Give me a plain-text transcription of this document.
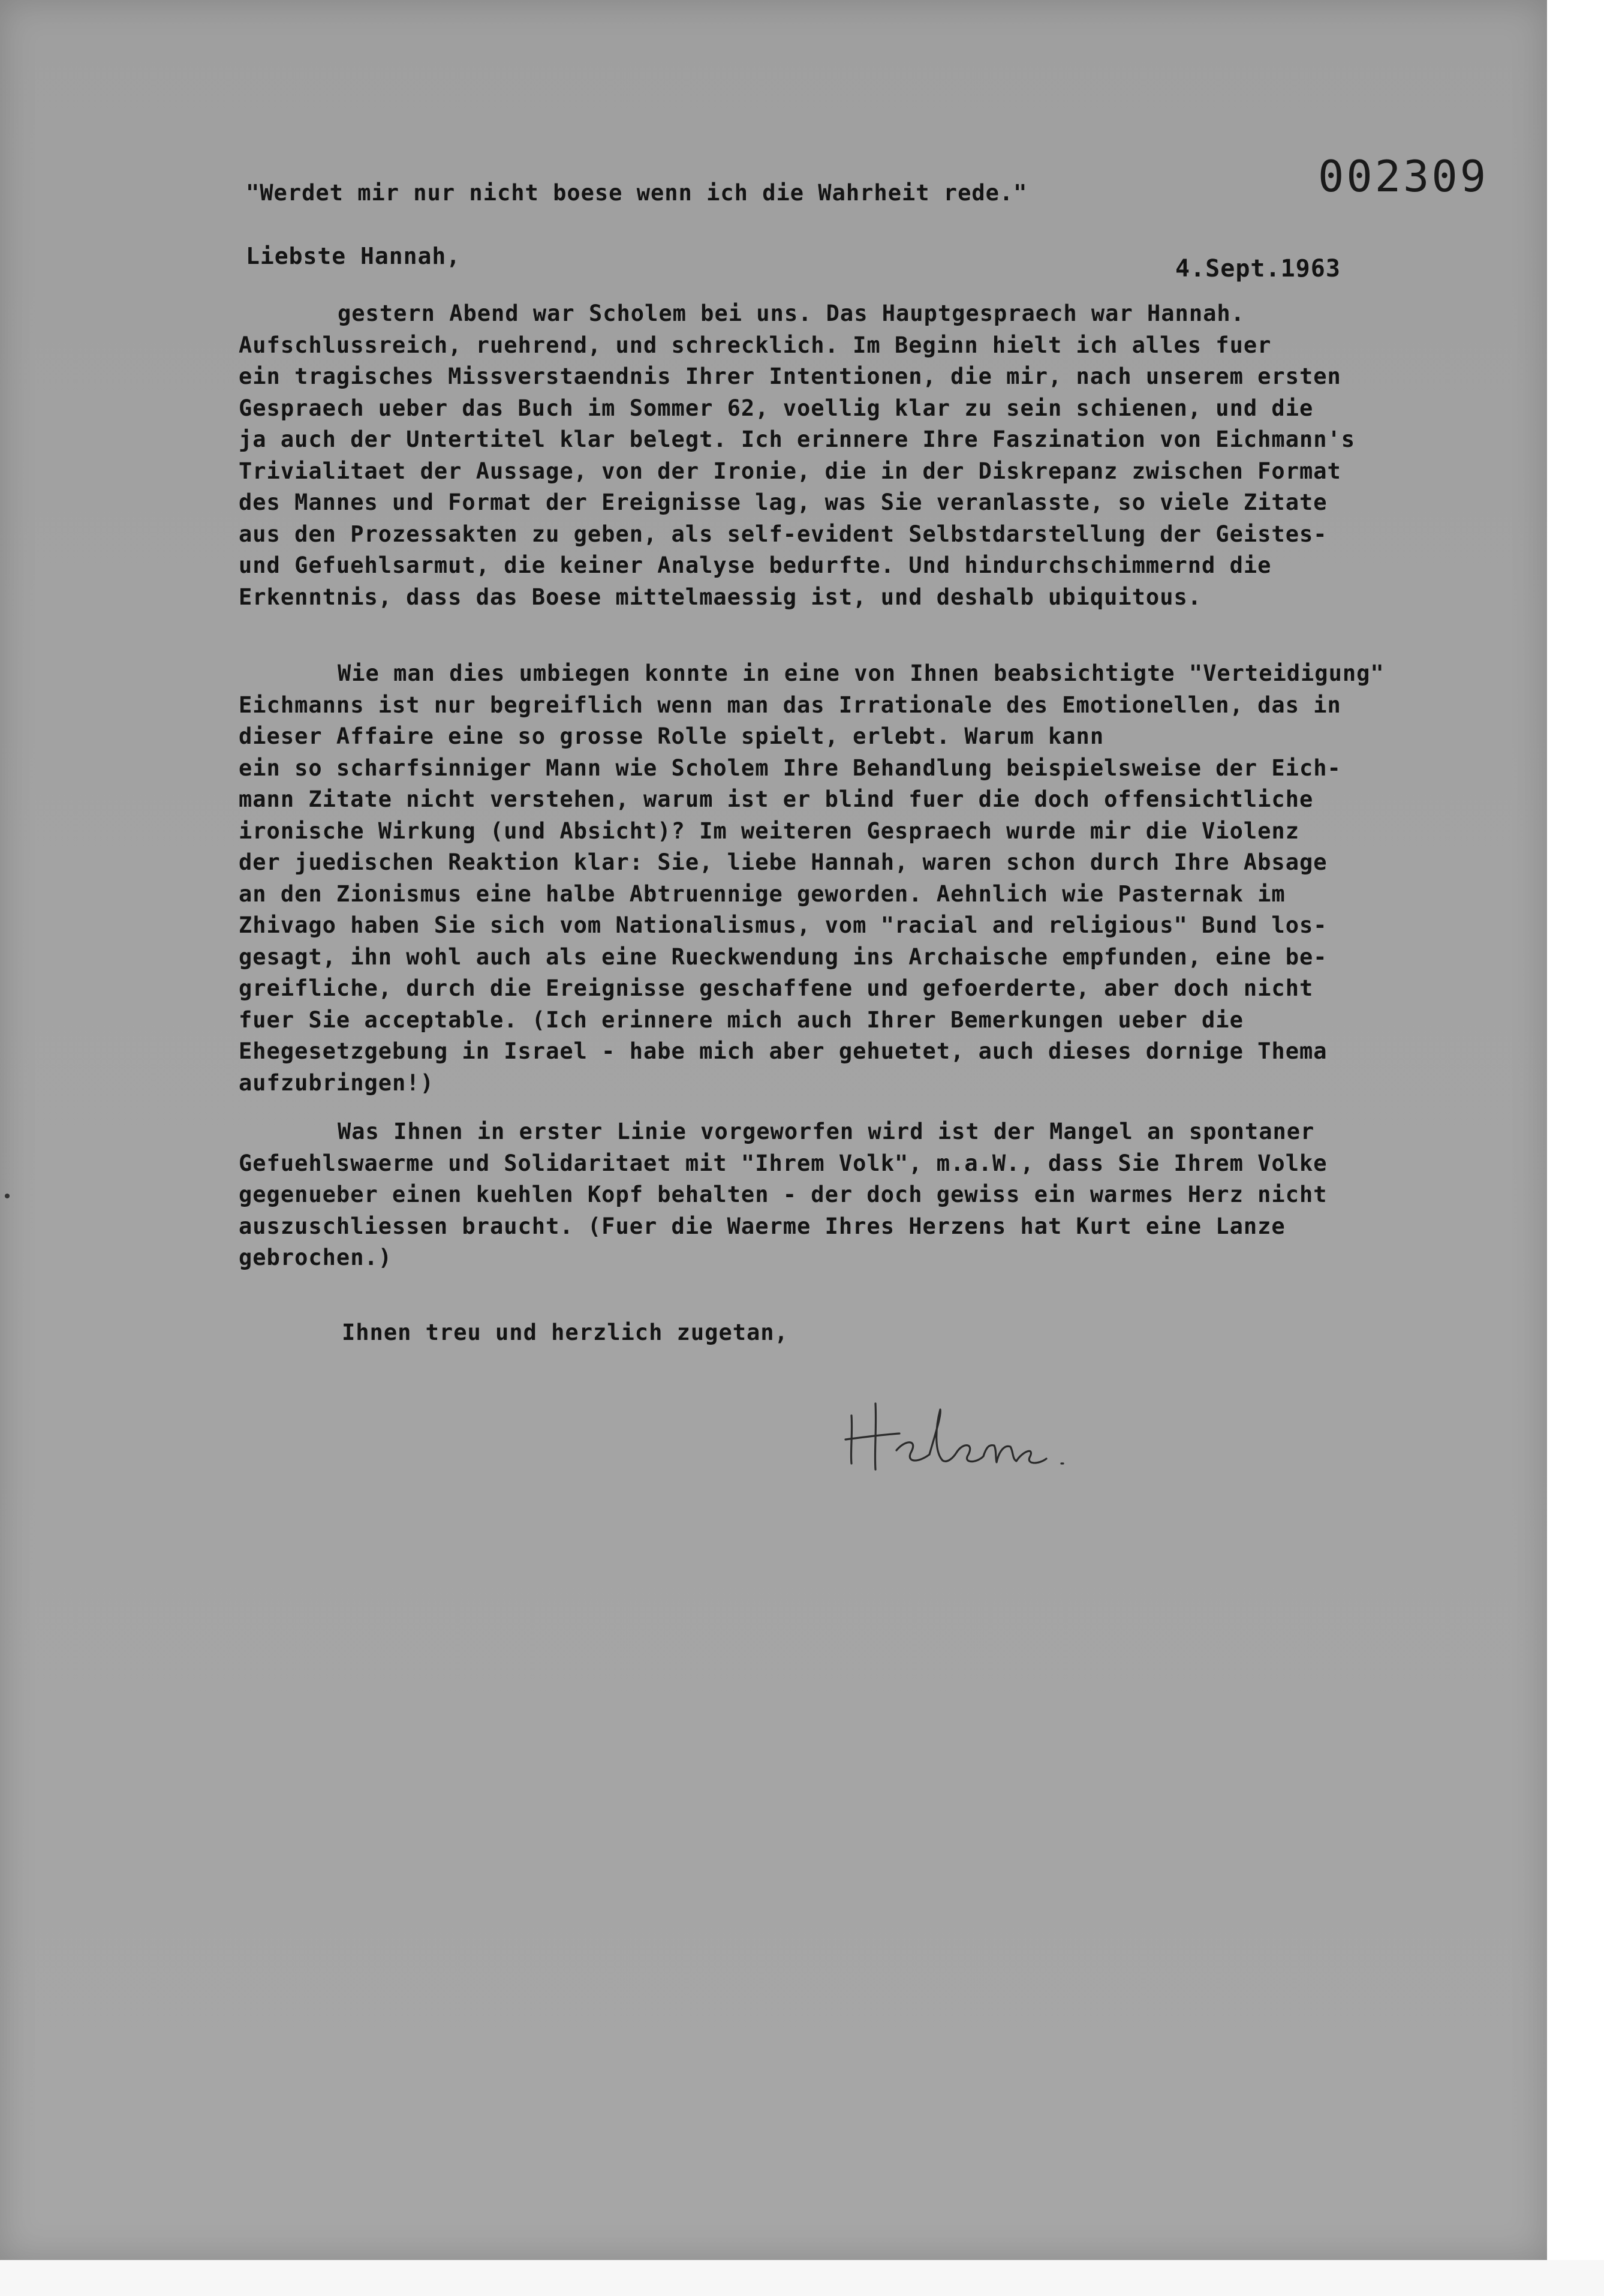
002309
"Werdet mir nur nicht boese wenn ich die Wahrheit rede."
Liebste Hannah,	4.Sept.1963
gestern Abend war Scholem bei uns. Das Hauptgespraech war Hannah.
Aufschlussreich, ruehrend, und schrecklich. Im Beginn hielt ich alles fuer
ein tragisches Missverstaendnis Ihrer Intentionen, die mir, nach unserem ersten
Gespraech ueber das Buch im Sommer 62, voellig klar zu sein schienen, und die
ja auch der Untertitel klar belegt. Ich erinnere Ihre Faszination von Eichmann's
Trivialitaet der Aussage, von der Ironie, die in der Diskrepanz zwischen Format
des Mannes und Format der Ereignisse lag, was Sie veranlasste, so viele Zitate
aus den Prozessakten zu geben, als self-evident Selbstdarstellung der Geistes-
und Gefuehlsarmut, die keiner Analyse bedurfte. Und hindurchschimmernd die
Erkenntnis, dass das Boese mittelmaessig ist, und deshalb ubiquitous.
Wie man dies umbiegen konnte in eine von Ihnen beabsichtigte "Verteidigung"
Eichmanns ist nur begreiflich wenn man das Irrationale des Emotionellen, das in
dieser Affaire eine so grosse Rolle spielt, erlebt. Warum kann
ein so scharfsinniger Mann wie Scholem Ihre Behandlung beispielsweise der Eich-
mann Zitate nicht verstehen, warum ist er blind fuer die doch offensichtliche
ironische Wirkung (und Absicht)? Im weiteren Gespraech wurde mir die Violenz
der juedischen Reaktion klar: Sie, liebe Hannah, waren schon durch Ihre Absage
an den Zionismus eine halbe Abtruennige geworden. Aehnlich wie Pasternak im
Zhivago haben Sie sich vom Nationalismus, vom "racial and religious" Bund los-
gesagt, ihn wohl auch als eine Rueckwendung ins Archaische empfunden, eine be-
greifliche, durch die Ereignisse geschaffene und gefoerderte, aber doch nicht
fuer Sie acceptable. (Ich erinnere mich auch Ihrer Bemerkungen ueber die
Ehegesetzgebung in Israel - habe mich aber gehuetet, auch dieses dornige Thema
aufzubringen!)
Was Ihnen in erster Linie vorgeworfen wird ist der Mangel an spontaner
Gefuehlswaerme und Solidaritaet mit "Ihrem Volk", m.a.W., dass Sie Ihrem Volke
gegenueber einen kuehlen Kopf behalten - der doch gewiss ein warmes Herz nicht
auszuschliessen braucht. (Fuer die Waerme Ihres Herzens hat Kurt eine Lanze
gebrochen.)
Ihnen treu und herzlich zugetan,
